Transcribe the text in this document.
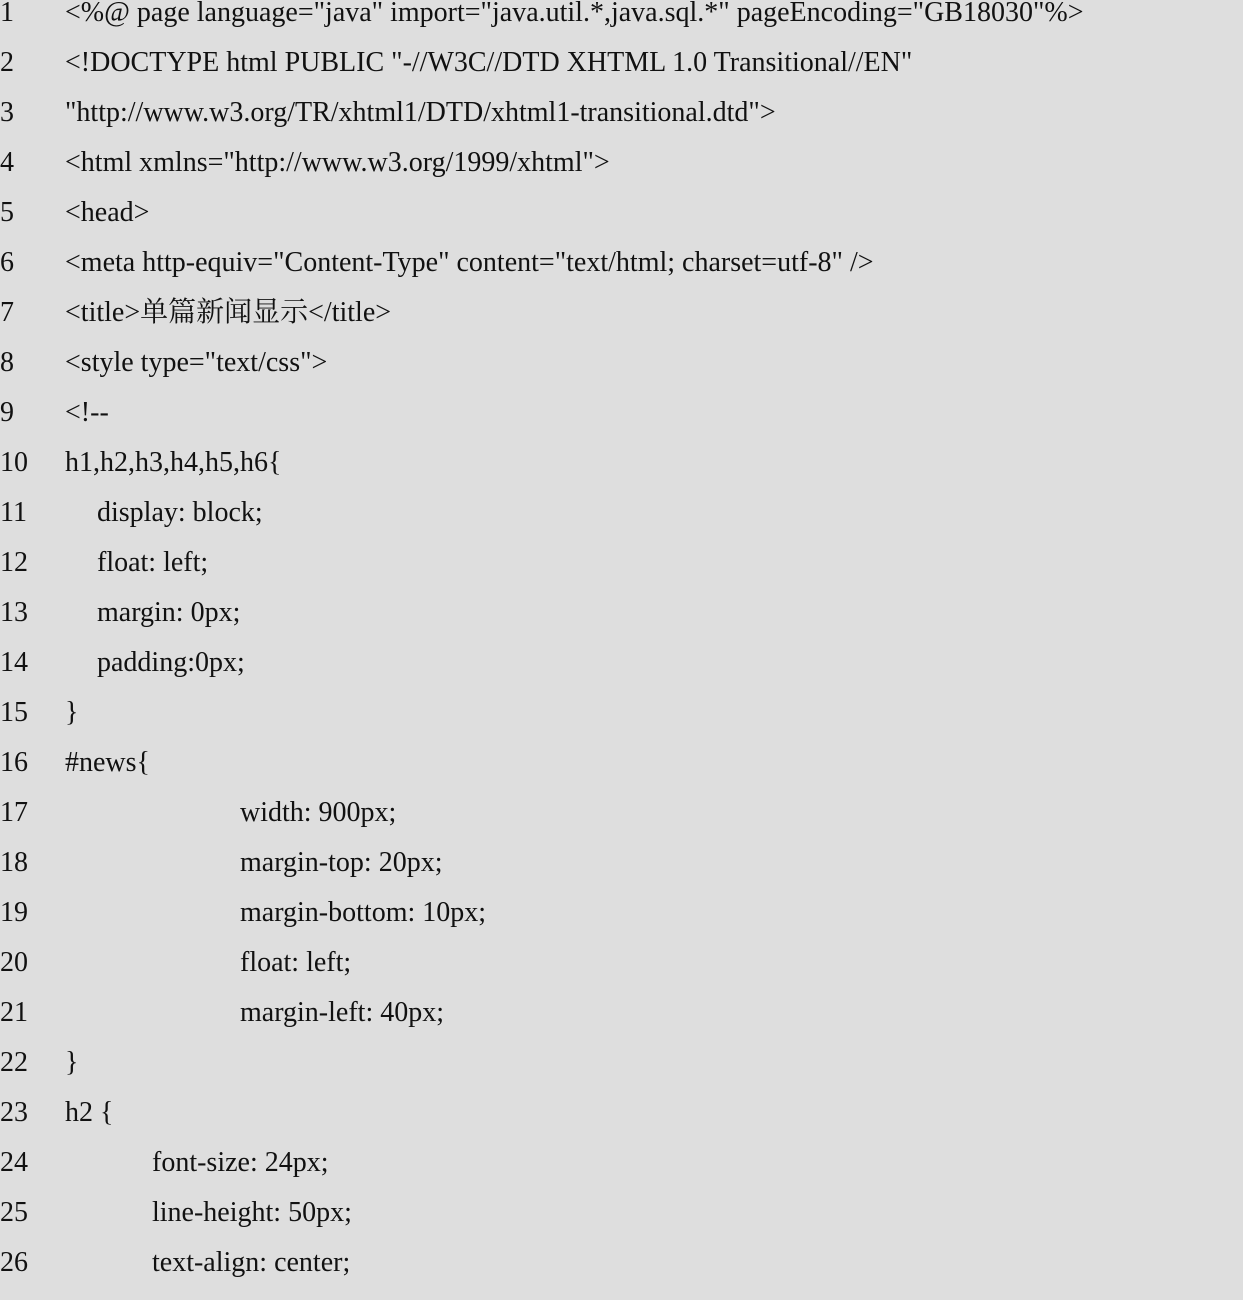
1	<%@ page language="java" import="java.util.*,java.sql.*" pageEncoding="GB18030"%>
2	<!DOCTYPE html PUBLIC "-//W3C//DTD XHTML 1.0 Transitional//EN"
3	"http://www.w3.org/TR/xhtml1/DTD/xhtml1-transitional.dtd">
4	<html xmlns="http://www.w3.org/1999/xhtml">
5	<head>
6	<meta http-equiv="Content-Type" content="text/html; charset=utf-8" />
7	<title>单篇新闻显示</title>
8	<style type="text/css">
9	<!--
10	h1,h2,h3,h4,h5,h6{
11	display: block;
12	float: left;
13	margin: 0px;
14	padding:0px;
15	}
16	#news{
17	width: 900px;
18	margin-top: 20px;
19	margin-bottom: 10px;
20	float: left;
21	margin-left: 40px;
22	}
23	h2 {
24	font-size: 24px;
25	line-height: 50px;
26	text-align: center;
